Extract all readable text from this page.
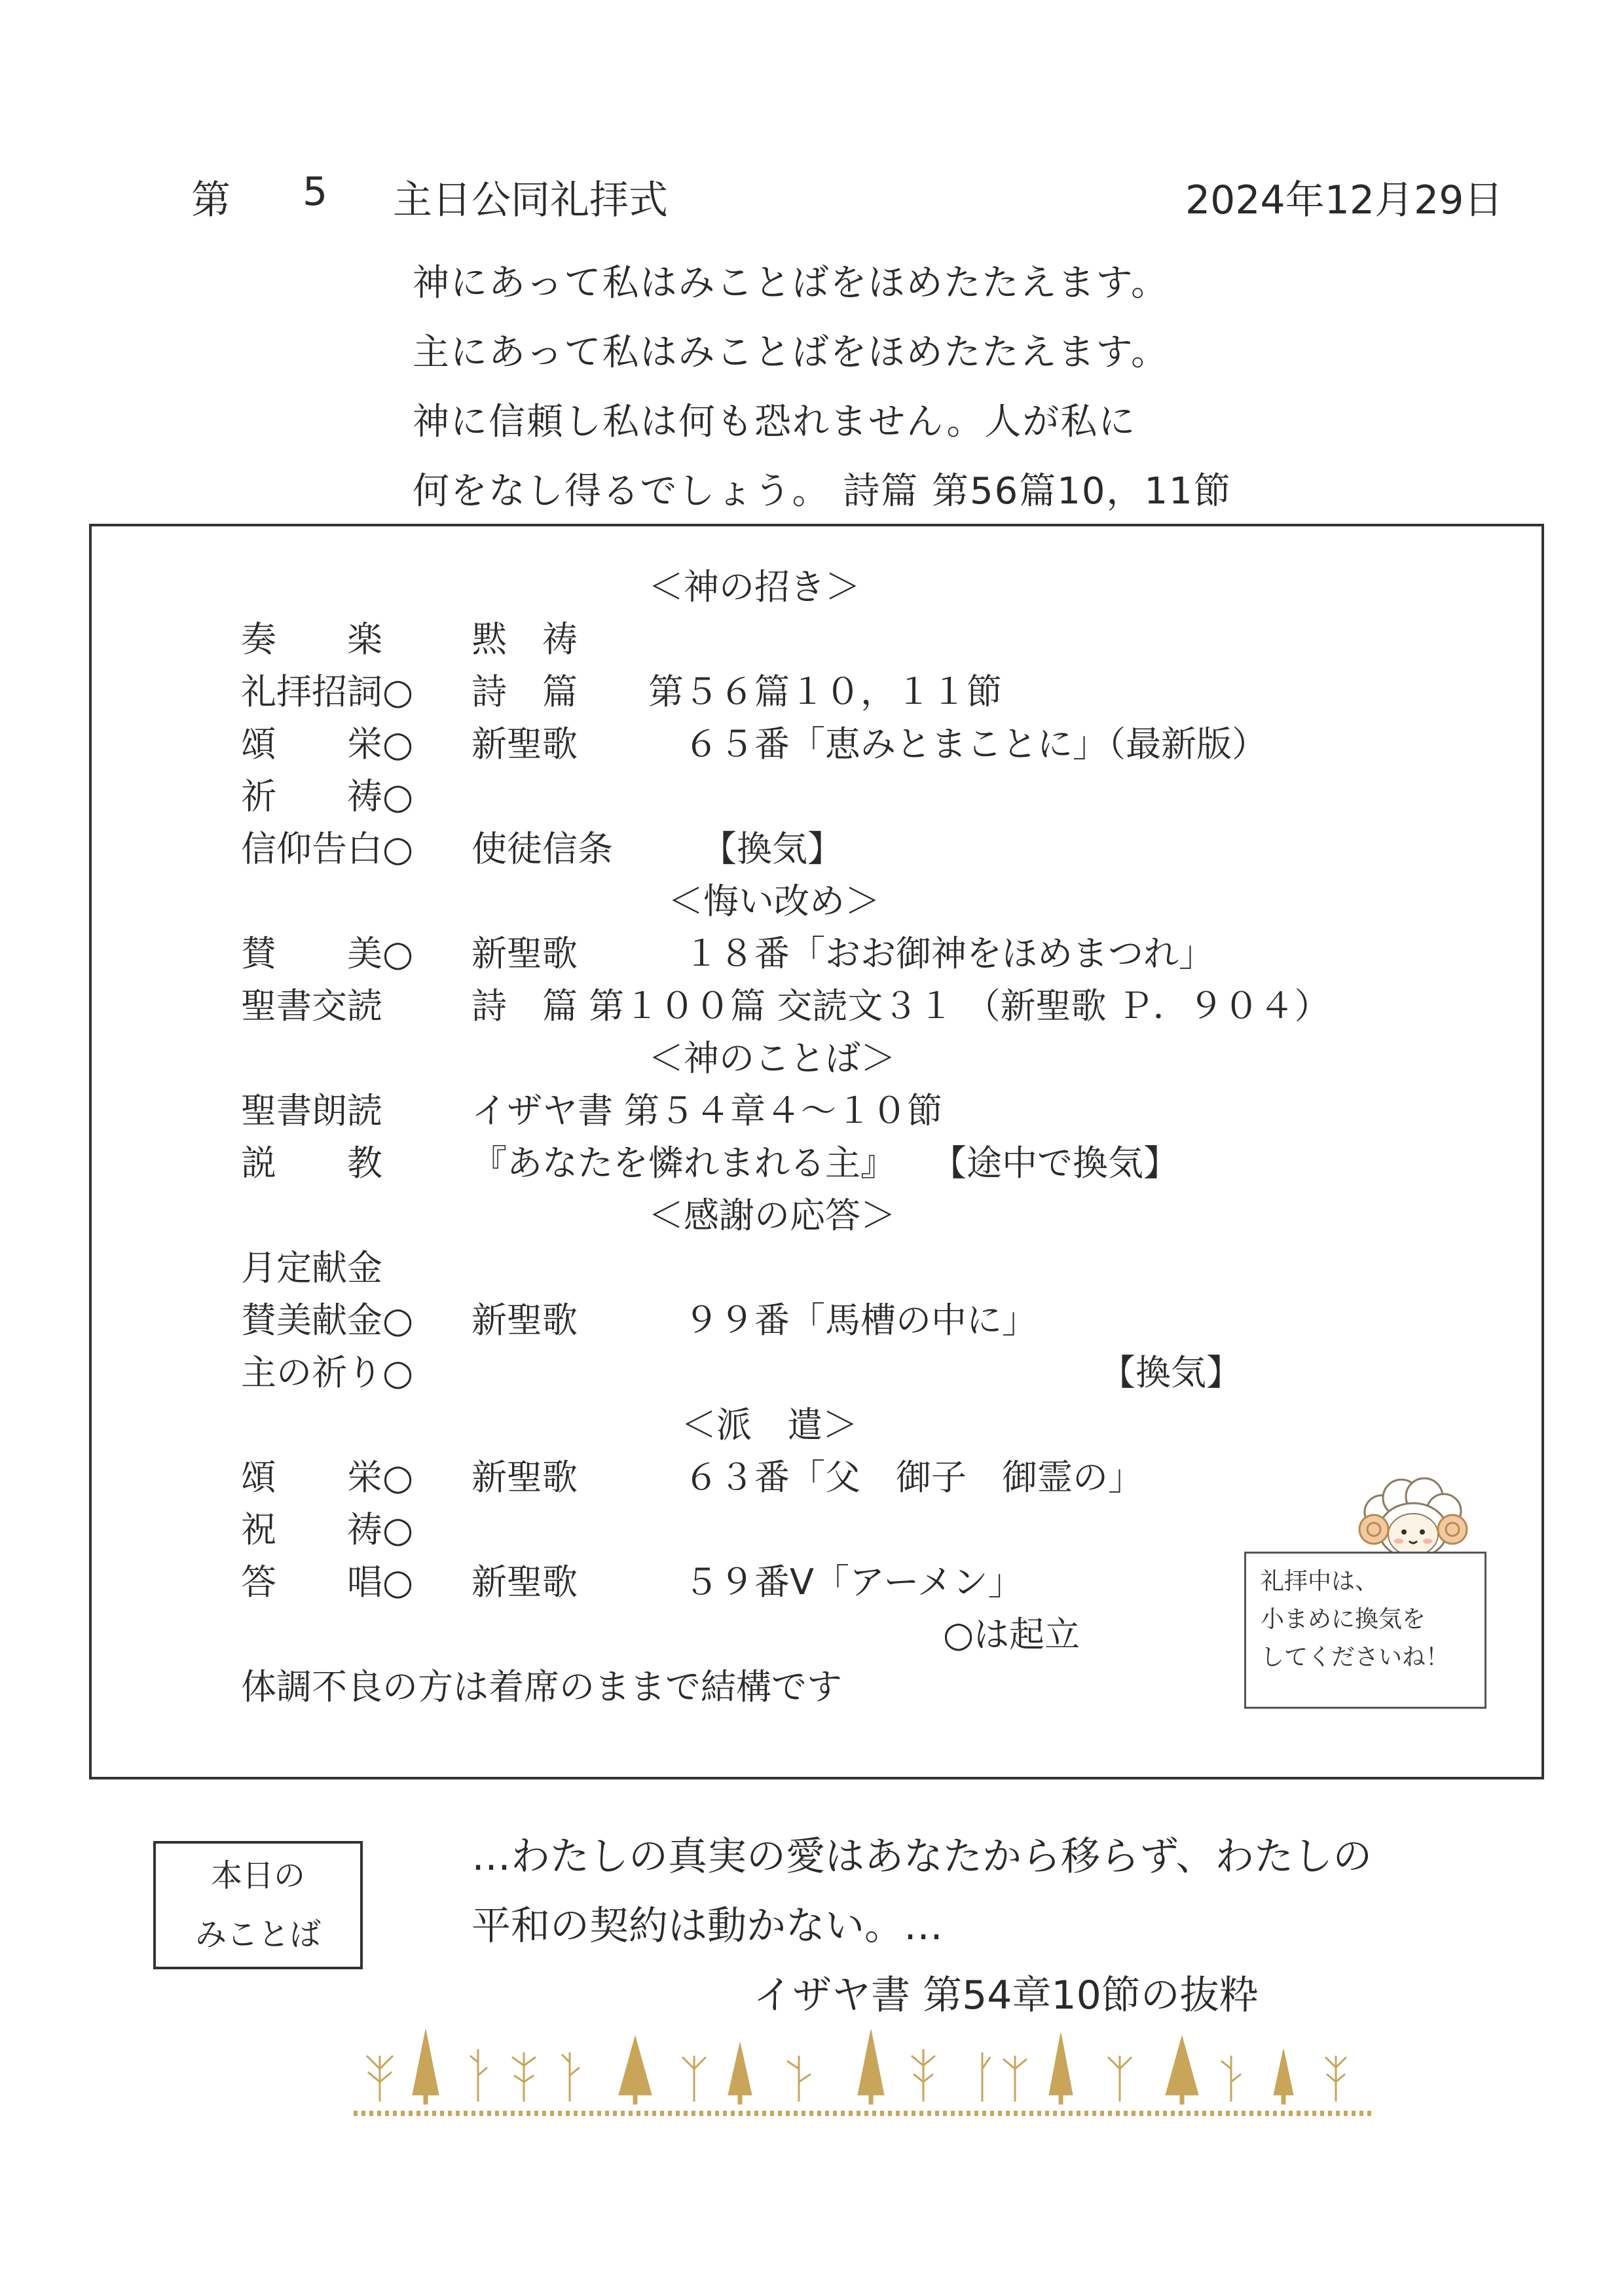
第 5 主日公同礼拝式	2024年12月29日
神にあって私はみことばをほめたたえます。
主にあって私はみことばをほめたたえます。
神に信頼し私は何も恐れません。人が私に
何をなし得るでしょう。 詩篇 第56篇10，11節
＜神の招き＞
奏　　楽	黙　祷
礼拝招詞○ 詩　篇　　第５６篇１０，１１節
頌　　栄○ 新聖歌　　　６５番「恵みとまことに」（最新版）
祈　　祷○
信仰告白○ 使徒信条　　　【換気】
＜悔い改め＞
賛　　美○ 新聖歌　　　１８番「おお御神をほめまつれ」
聖書交読	詩　篇 第１００篇 交読文３１ （新聖歌 Ｐ．９０４）
＜神のことば＞
聖書朗読	イザヤ書 第５４章４～１０節
説　　教	『あなたを憐れまれる主』　　【途中で換気】
＜感謝の応答＞
月定献金
賛美献金○ 新聖歌　　　９９番「馬槽の中に」
主の祈り○	【換気】
＜派　遣＞
頌　　栄○ 新聖歌　　　６３番「父　御子　御霊の」
祝　　祷○
答　　唱○ 新聖歌　　　５９番Ⅴ「アーメン」
○は起立
体調不良の方は着席のままで結構です
礼拝中は、
小まめに換気を
してくださいね！
本日の
みことば
…わたしの真実の愛はあなたから移らず、わたしの
平和の契約は動かない。…
イザヤ書 第54章10節の抜粋
